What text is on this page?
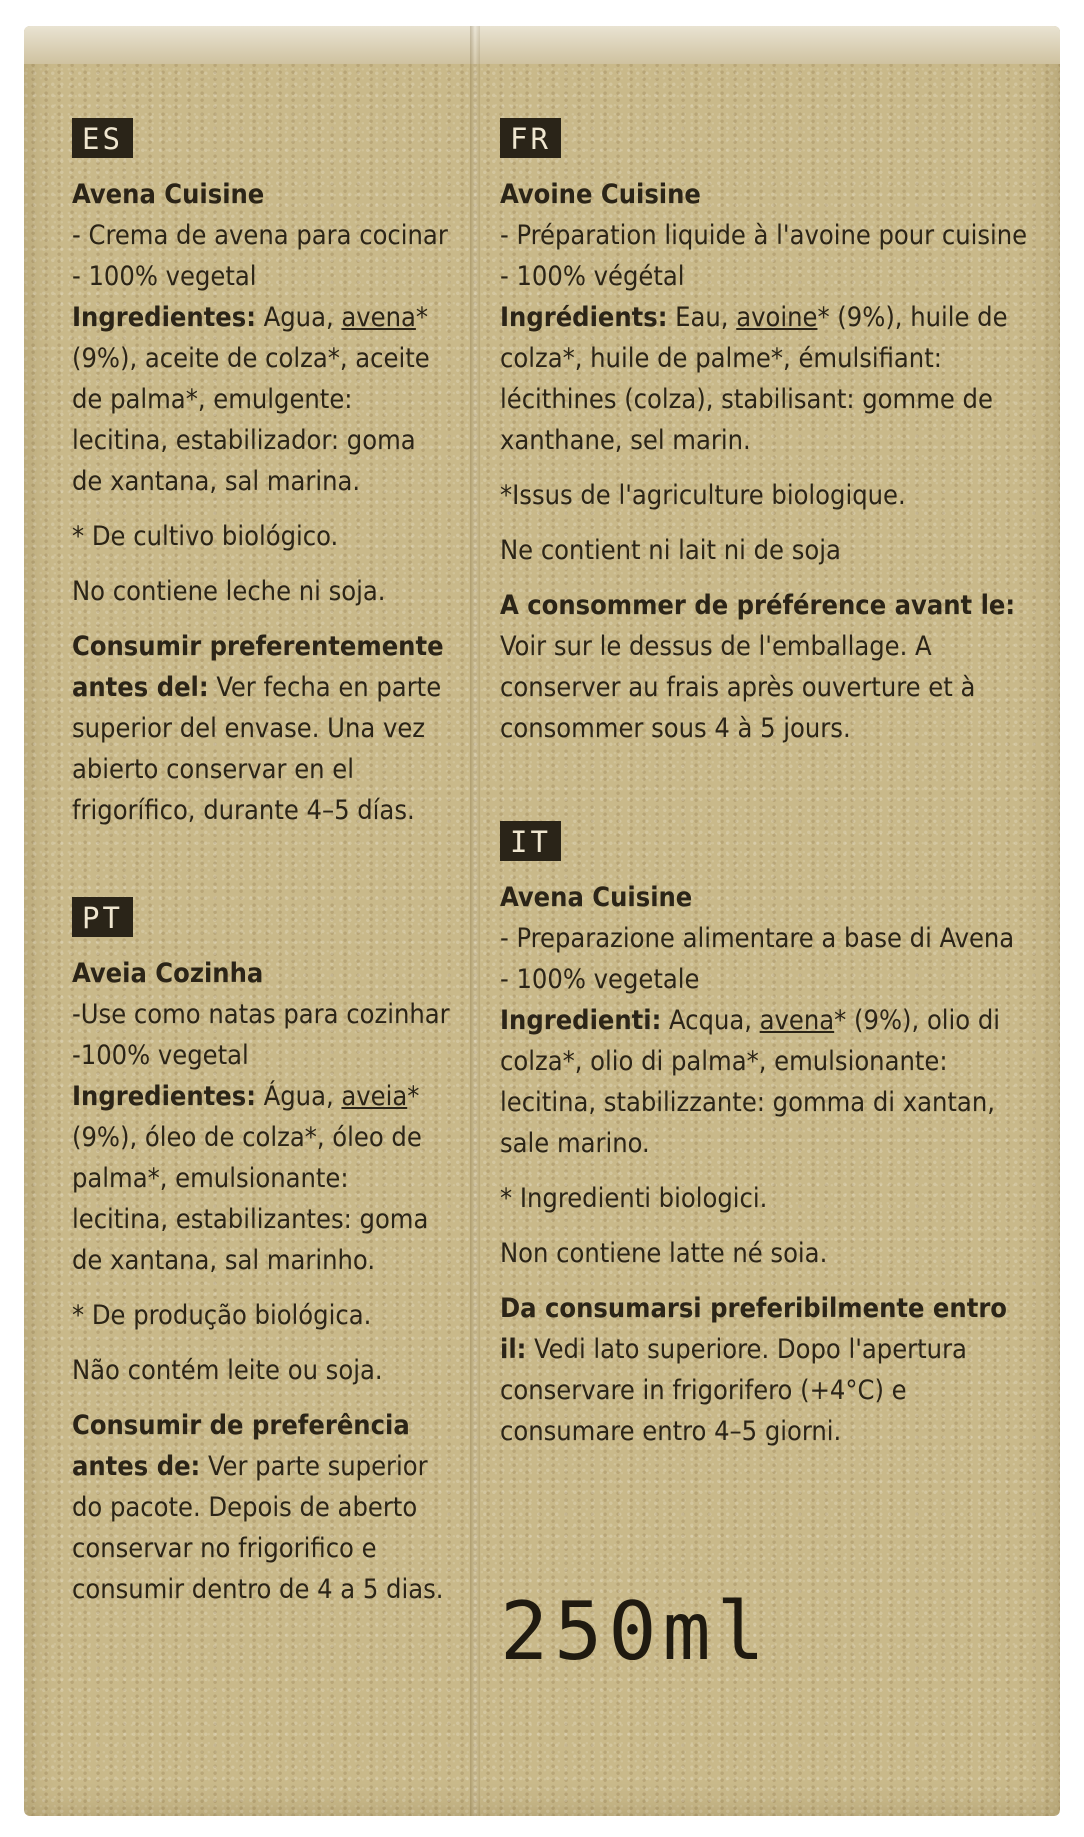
ES
Avena Cuisine
- Crema de avena para cocinar
- 100% vegetal

Ingredientes: Agua, avena* (9%), aceite de colza*, aceite de palma*, emulgente: lecitina, estabilizador: goma de xantana, sal marina.

* De cultivo biológico.

No contiene leche ni soja.

Consumir preferentemente antes del: Ver fecha en parte superior del envase. Una vez abierto conservar en el frigorífico, durante 4–5 días.

PT
Aveia Cozinha
-Use como natas para cozinhar
-100% vegetal

Ingredientes: Água, aveia* (9%), óleo de colza*, óleo de palma*, emulsionante: lecitina, estabilizantes: goma de xantana, sal marinho.

* De produção biológica.

Não contém leite ou soja.

Consumir de preferência antes de: Ver parte superior do pacote. Depois de aberto conservar no frigorifico e consumir dentro de 4 a 5 dias.

FR
Avoine Cuisine
- Préparation liquide à l'avoine pour cuisine
- 100% végétal

Ingrédients: Eau, avoine* (9%), huile de colza*, huile de palme*, émulsifiant: lécithines (colza), stabilisant: gomme de xanthane, sel marin.

*Issus de l'agriculture biologique.

Ne contient ni lait ni de soja

A consommer de préférence avant le: Voir sur le dessus de l'emballage. A conserver au frais après ouverture et à consommer sous 4 à 5 jours.

IT
Avena Cuisine
- Preparazione alimentare a base di Avena
- 100% vegetale

Ingredienti: Acqua, avena* (9%), olio di colza*, olio di palma*, emulsionante: lecitina, stabilizzante: gomma di xantan, sale marino.

* Ingredienti biologici.

Non contiene latte né soia.

Da consumarsi preferibilmente entro il: Vedi lato superiore. Dopo l'apertura conservare in frigorifero (+4°C) e consumare entro 4–5 giorni.

250ml
